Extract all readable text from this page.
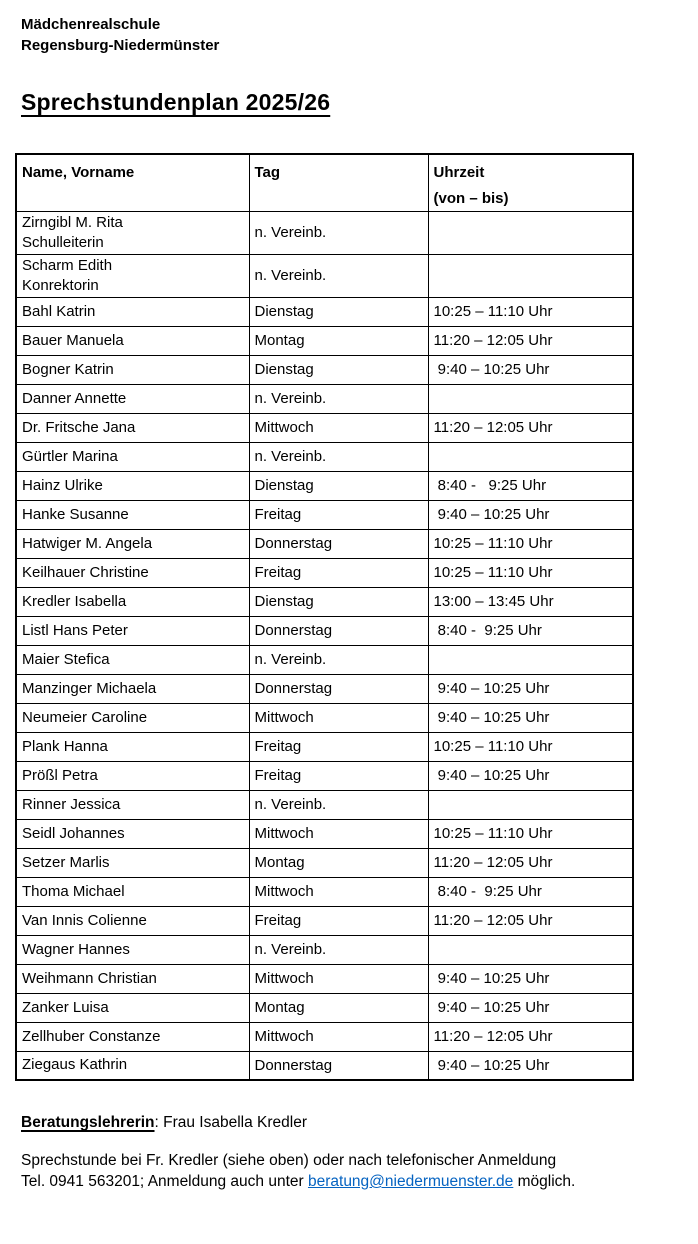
Mädchenrealschule
Regensburg-Niedermünster
Sprechstundenplan 2025/26
Name, Vorname	Tag	Uhrzeit
(von – bis)

Zirngibl M. Rita
Schulleiterin	n. Vereinb.	

Scharm Edith
Konrektorin	n. Vereinb.	

Bahl Katrin	Dienstag	10:25 – 11:10 Uhr

Bauer Manuela	Montag	11:20 – 12:05 Uhr

Bogner Katrin	Dienstag	9:40 – 10:25 Uhr

Danner Annette	n. Vereinb.	

Dr. Fritsche Jana	Mittwoch	11:20 – 12:05 Uhr

Gürtler Marina	n. Vereinb.	

Hainz Ulrike	Dienstag	8:40 -   9:25 Uhr

Hanke Susanne	Freitag	9:40 – 10:25 Uhr

Hatwiger M. Angela	Donnerstag	10:25 – 11:10 Uhr

Keilhauer Christine	Freitag	10:25 – 11:10 Uhr

Kredler Isabella	Dienstag	13:00 – 13:45 Uhr

Listl Hans Peter	Donnerstag	8:40 -  9:25 Uhr

Maier Stefica	n. Vereinb.	

Manzinger Michaela	Donnerstag	9:40 – 10:25 Uhr

Neumeier Caroline	Mittwoch	9:40 – 10:25 Uhr

Plank Hanna	Freitag	10:25 – 11:10 Uhr

Prößl Petra	Freitag	9:40 – 10:25 Uhr

Rinner Jessica	n. Vereinb.	

Seidl Johannes	Mittwoch	10:25 – 11:10 Uhr

Setzer Marlis	Montag	11:20 – 12:05 Uhr

Thoma Michael	Mittwoch	8:40 -  9:25 Uhr

Van Innis Colienne	Freitag	11:20 – 12:05 Uhr

Wagner Hannes	n. Vereinb.	

Weihmann Christian	Mittwoch	9:40 – 10:25 Uhr

Zanker Luisa	Montag	9:40 – 10:25 Uhr

Zellhuber Constanze	Mittwoch	11:20 – 12:05 Uhr

Ziegaus Kathrin	Donnerstag	9:40 – 10:25 Uhr
Beratungslehrerin: Frau Isabella Kredler
Sprechstunde bei Fr. Kredler (siehe oben) oder nach telefonischer Anmeldung
Tel. 0941 563201; Anmeldung auch unter beratung@niedermuenster.de möglich.
